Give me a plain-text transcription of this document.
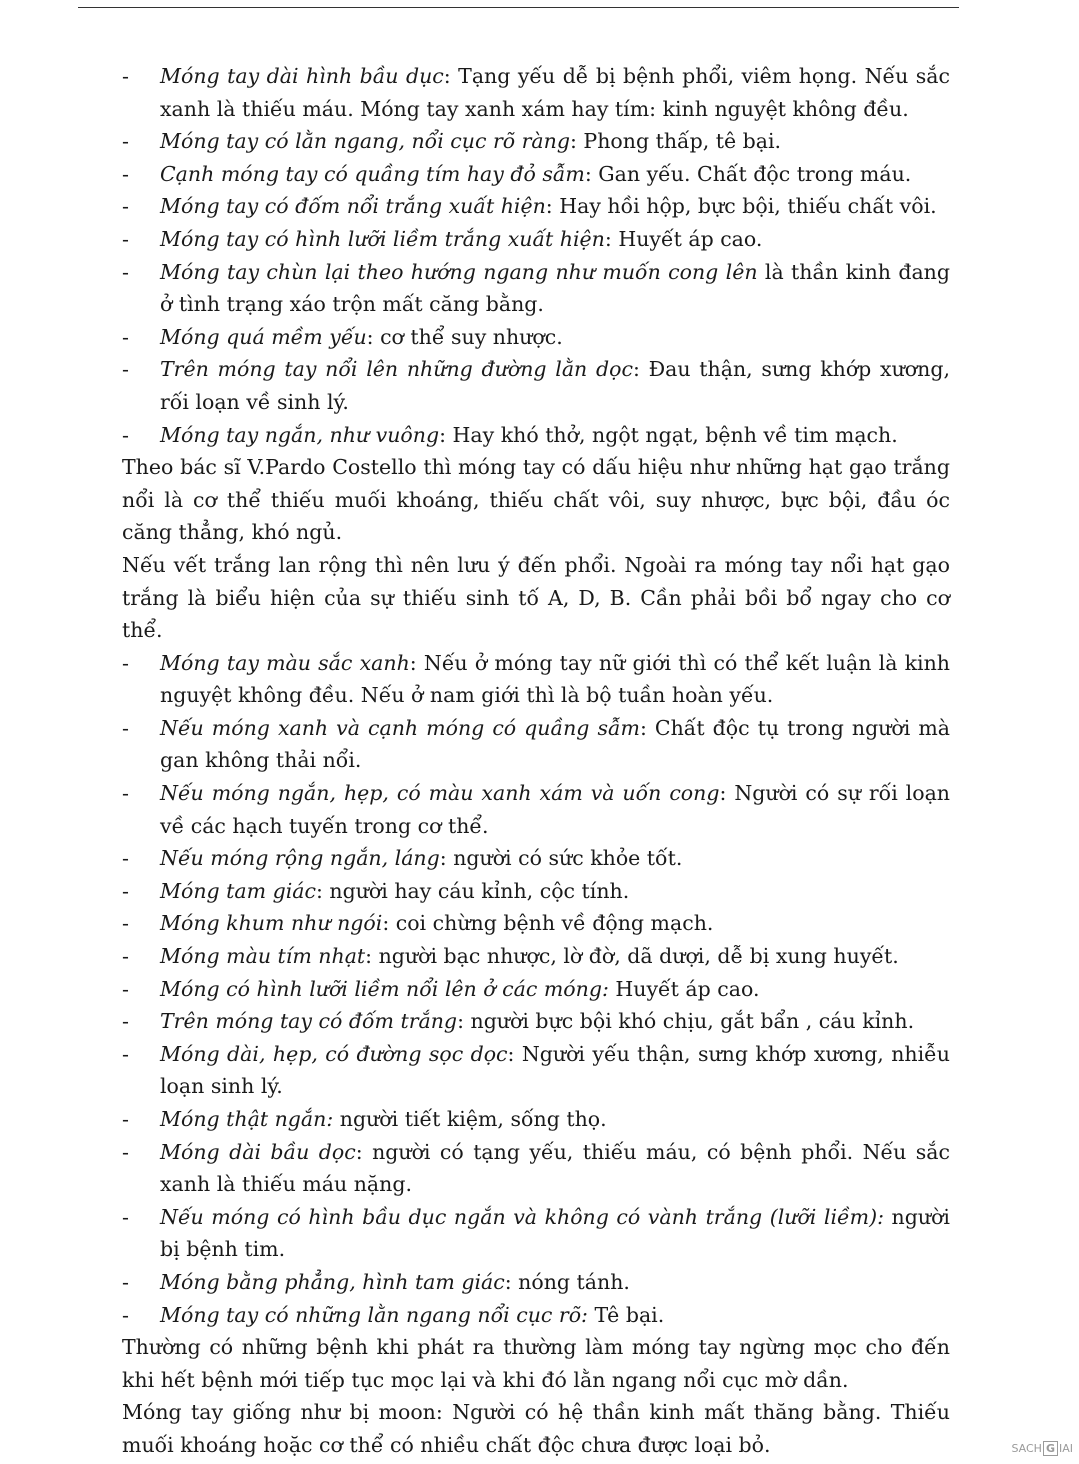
- Móng tay dài hình bầu dục: Tạng yếu dễ bị bệnh phổi, viêm họng. Nếu sắc xanh là thiếu máu. Móng tay xanh xám hay tím: kinh nguyệt không đều.
- Móng tay có lằn ngang, nổi cục rõ ràng: Phong thấp, tê bại.
- Cạnh móng tay có quầng tím hay đỏ sẫm: Gan yếu. Chất độc trong máu.
- Móng tay có đốm nổi trắng xuất hiện: Hay hồi hộp, bực bội, thiếu chất vôi.
- Móng tay có hình lưỡi liềm trắng xuất hiện: Huyết áp cao.
- Móng tay chùn lại theo hướng ngang như muốn cong lên là thần kinh đang ở tình trạng xáo trộn mất căng bằng.
- Móng quá mềm yếu: cơ thể suy nhược.
- Trên móng tay nổi lên những đường lằn dọc: Đau thận, sưng khớp xương, rối loạn về sinh lý.
- Móng tay ngắn, như vuông: Hay khó thở, ngột ngạt, bệnh về tim mạch.
Theo bác sĩ V.Pardo Costello thì móng tay có dấu hiệu như những hạt gạo trắng nổi là cơ thể thiếu muối khoáng, thiếu chất vôi, suy nhược, bực bội, đầu óc căng thẳng, khó ngủ.
Nếu vết trắng lan rộng thì nên lưu ý đến phổi. Ngoài ra móng tay nổi hạt gạo trắng là biểu hiện của sự thiếu sinh tố A, D, B. Cần phải bồi bổ ngay cho cơ thể.
- Móng tay màu sắc xanh: Nếu ở móng tay nữ giới thì có thể kết luận là kinh nguyệt không đều. Nếu ở nam giới thì là bộ tuần hoàn yếu.
- Nếu móng xanh và cạnh móng có quầng sẫm: Chất độc tụ trong người mà gan không thải nổi.
- Nếu móng ngắn, hẹp, có màu xanh xám và uốn cong: Người có sự rối loạn về các hạch tuyến trong cơ thể.
- Nếu móng rộng ngắn, láng: người có sức khỏe tốt.
- Móng tam giác: người hay cáu kỉnh, cộc tính.
- Móng khum như ngói: coi chừng bệnh về động mạch.
- Móng màu tím nhạt: người bạc nhược, lờ đờ, dã dượi, dễ bị xung huyết.
- Móng có hình lưỡi liềm nổi lên ở các móng: Huyết áp cao.
- Trên móng tay có đốm trắng: người bực bội khó chịu, gắt bẩn , cáu kỉnh.
- Móng dài, hẹp, có đường sọc dọc: Người yếu thận, sưng khớp xương, nhiễu loạn sinh lý.
- Móng thật ngắn: người tiết kiệm, sống thọ.
- Móng dài bầu dọc: người có tạng yếu, thiếu máu, có bệnh phổi. Nếu sắc xanh là thiếu máu nặng.
- Nếu móng có hình bầu dục ngắn và không có vành trắng (lưỡi liềm): người bị bệnh tim.
- Móng bằng phẳng, hình tam giác: nóng tánh.
- Móng tay có những lằn ngang nổi cục rõ: Tê bại.
Thường có những bệnh khi phát ra thường làm móng tay ngừng mọc cho đến khi hết bệnh mới tiếp tục mọc lại và khi đó lằn ngang nổi cục mờ dần.
Móng tay giống như bị moon: Người có hệ thần kinh mất thăng bằng. Thiếu muối khoáng hoặc cơ thể có nhiều chất độc chưa được loại bỏ.	SACH G IAI
